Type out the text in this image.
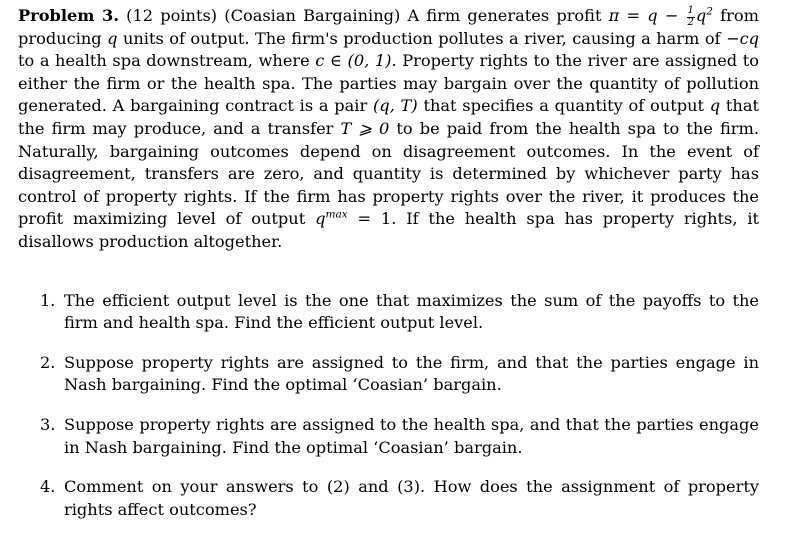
Problem 3. (12 points) (Coasian Bargaining) A firm generates profit $\pi = q - \frac{1}{2} q^2$ from producing q units of output. The firm's production pollutes a river, causing a harm of −cq to a health spa downstream, where c ∈ (0, 1). Property rights to the river are assigned to either the firm or the health spa. The parties may bargain over the quantity of pollution generated. A bargaining contract is a pair (q, T) that specifies a quantity of output q that the firm may produce, and a transfer T ⩾ 0 to be paid from the health spa to the firm. Naturally, bargaining outcomes depend on disagreement outcomes. In the event of disagreement, transfers are zero, and quantity is determined by whichever party has control of property rights. If the firm has property rights over the river, it produces the profit maximizing level of output $q^{max} = 1$. If the health spa has property rights, it disallows production altogether.

1. The efficient output level is the one that maximizes the sum of the payoffs to the firm and health spa. Find the efficient output level.
2. Suppose property rights are assigned to the firm, and that the parties engage in Nash bargaining. Find the optimal ‘Coasian’ bargain.
3. Suppose property rights are assigned to the health spa, and that the parties engage in Nash bargaining. Find the optimal ‘Coasian’ bargain.
4. Comment on your answers to (2) and (3). How does the assignment of property rights affect outcomes?
